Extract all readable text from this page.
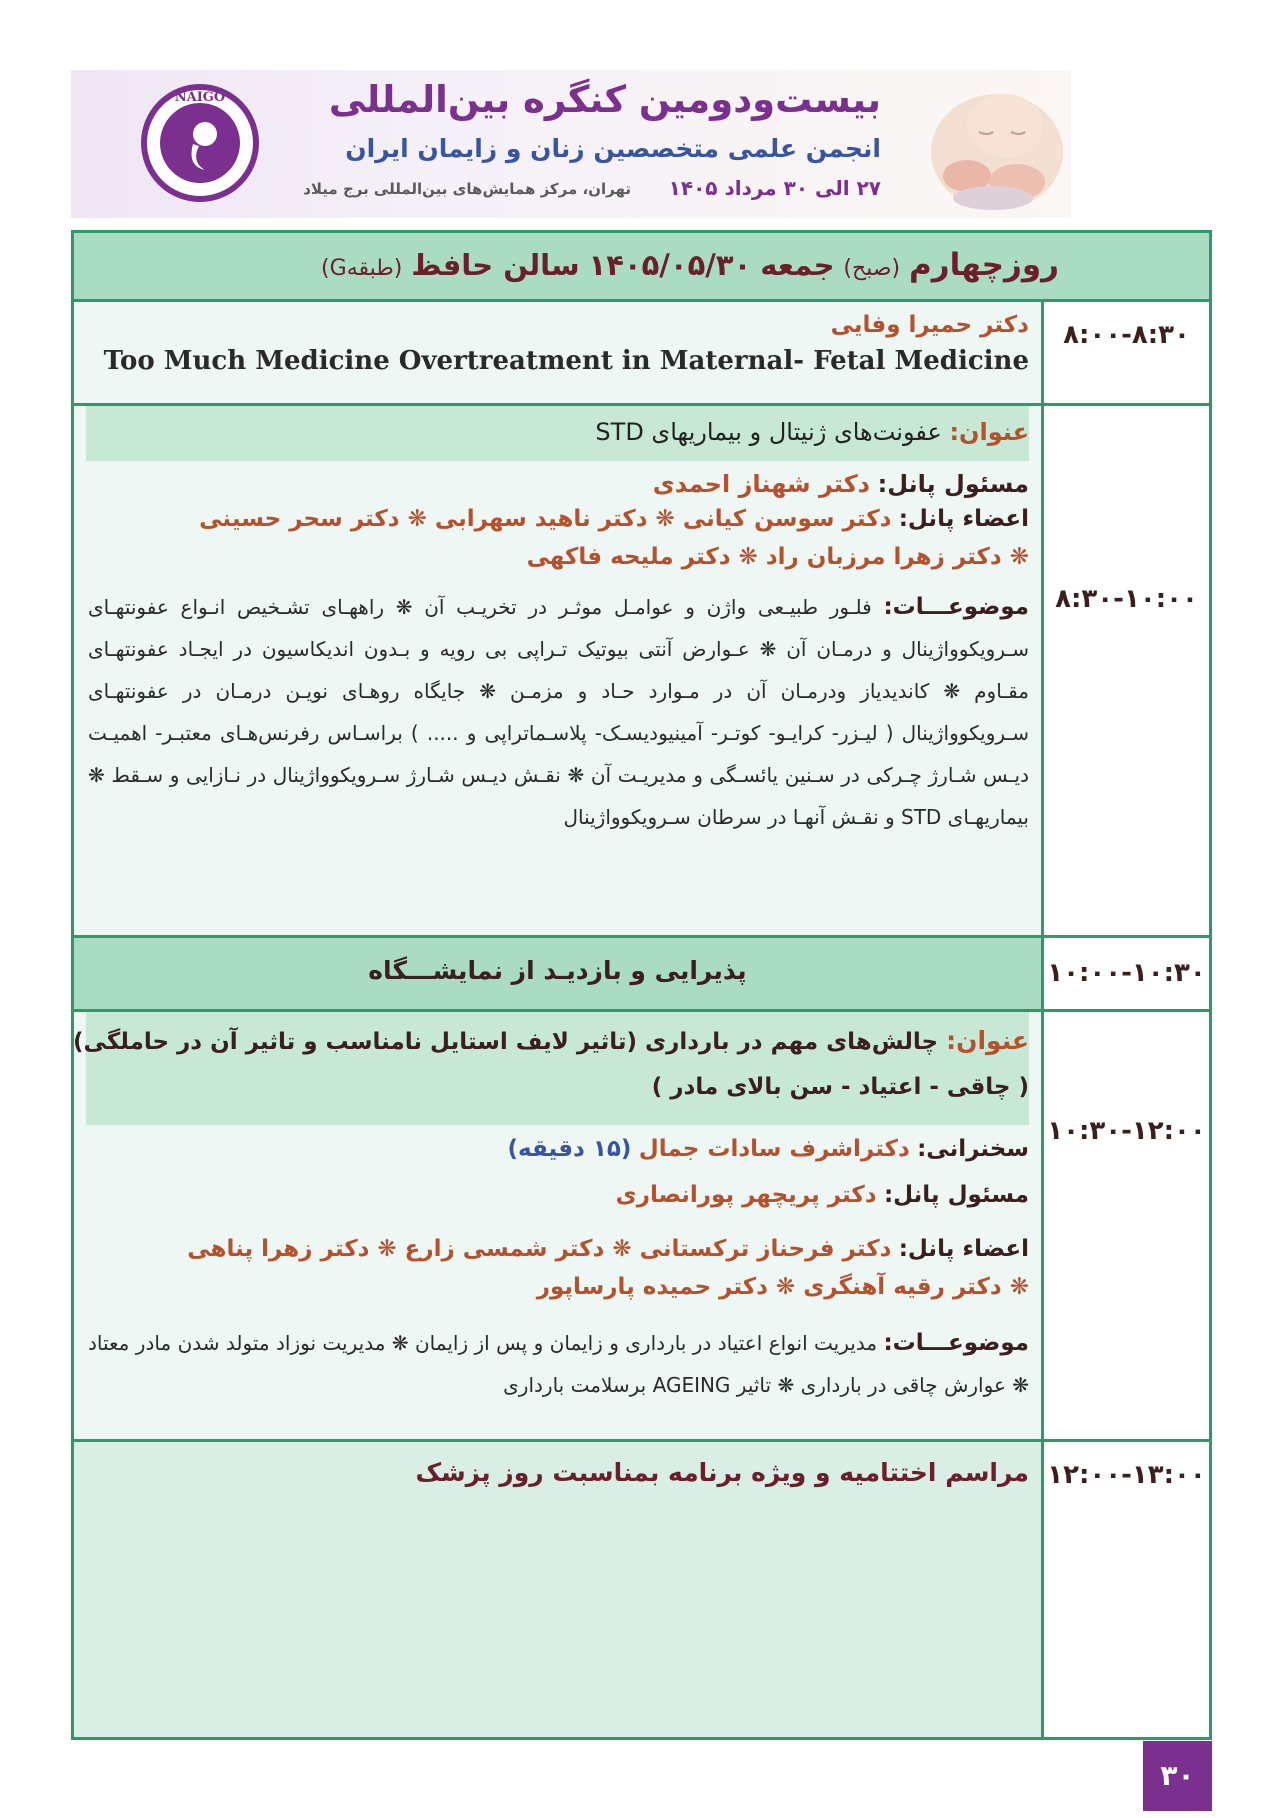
NAIGO	بیست‌ودومین کنگره بین‌المللی
انجمن علمی متخصصین زنان و زایمان ایران
۲۷ الی ۳۰ مرداد ۱۴۰۵
تهران، مرکز همایش‌های بین‌المللی برج میلاد
روزچهارم (صبح) جمعه ۱۴۰۵/۰۵/۳۰ سالن حافظ (طبقهG)
دکتر حمیرا وفایی
Too Much Medicine Overtreatment in Maternal- Fetal Medicine
۸:۰۰-۸:۳۰
عنوان: عفونت‌های ژنیتال و بیماریهای STD
مسئول پانل: دکتر شهناز احمدی
اعضاء پانل: دکتر سوسن کیانی ❋ دکتر ناهید سهرابی ❋ دکتر سحر حسینی
❋ دکتر زهرا مرزبان راد ❋ دکتر ملیحه فاکهی
موضوعـــات: فلـور طبیـعی واژن و عوامـل موثـر در تخریـب آن ❋ راههـای تشـخیص انـواع عفونتهـای سـرویکوواژینال و درمـان آن ❋ عـوارض آنتی بیوتیک تـراپی بی رویه و بـدون اندیکاسیون در ایجـاد عفونتهـای مقـاوم ❋ کاندیدیاز ودرمـان آن در مـوارد حـاد و مزمـن ❋ جایگاه روهـای نویـن درمـان در عفونتهـای سـرویکوواژینال ( لیـزر- کرایـو- کوتـر- آمینیودیسـک- پلاسـماتراپی و ..... ) براسـاس رفرنس‌هـای معتبـر- اهمیـت دیـس شـارژ چـرکی در سـنین یائسـگی و مدیریـت آن ❋ نقـش دیـس شـارژ سـرویکوواژینال در نـازایی و سـقط ❋ بیماریهـای STD و نقـش آنهـا در سرطان سـرویکوواژینال
۸:۳۰-۱۰:۰۰
پذیرایی و بازدیـد از نمایشـــگاه	۱۰:۰۰-۱۰:۳۰
عنوان: چالش‌های مهم در بارداری (تاثیر لایف استایل نامناسب و تاثیر آن در حاملگی)
( چاقی - اعتیاد - سن بالای مادر )
سخنرانی: دکتراشرف سادات جمال (۱۵ دقیقه)
مسئول پانل: دکتر پریچهر پورانصاری
اعضاء پانل: دکتر فرحناز ترکستانی ❋ دکتر شمسی زارع ❋ دکتر زهرا پناهی
❋ دکتر رقیه آهنگری ❋ دکتر حمیده پارساپور
موضوعـــات: مدیریت انواع اعتیاد در بارداری و زایمان و پس از زایمان ❋ مدیریت نوزاد متولد شدن مادر معتاد ❋ عوارش چاقی در بارداری ❋ تاثیر AGEING برسلامت بارداری
۱۰:۳۰-۱۲:۰۰
مراسم اختتامیه و ویژه برنامه بمناسبت روز پزشک ۱۲:۰۰-۱۳:۰۰
۳۰
